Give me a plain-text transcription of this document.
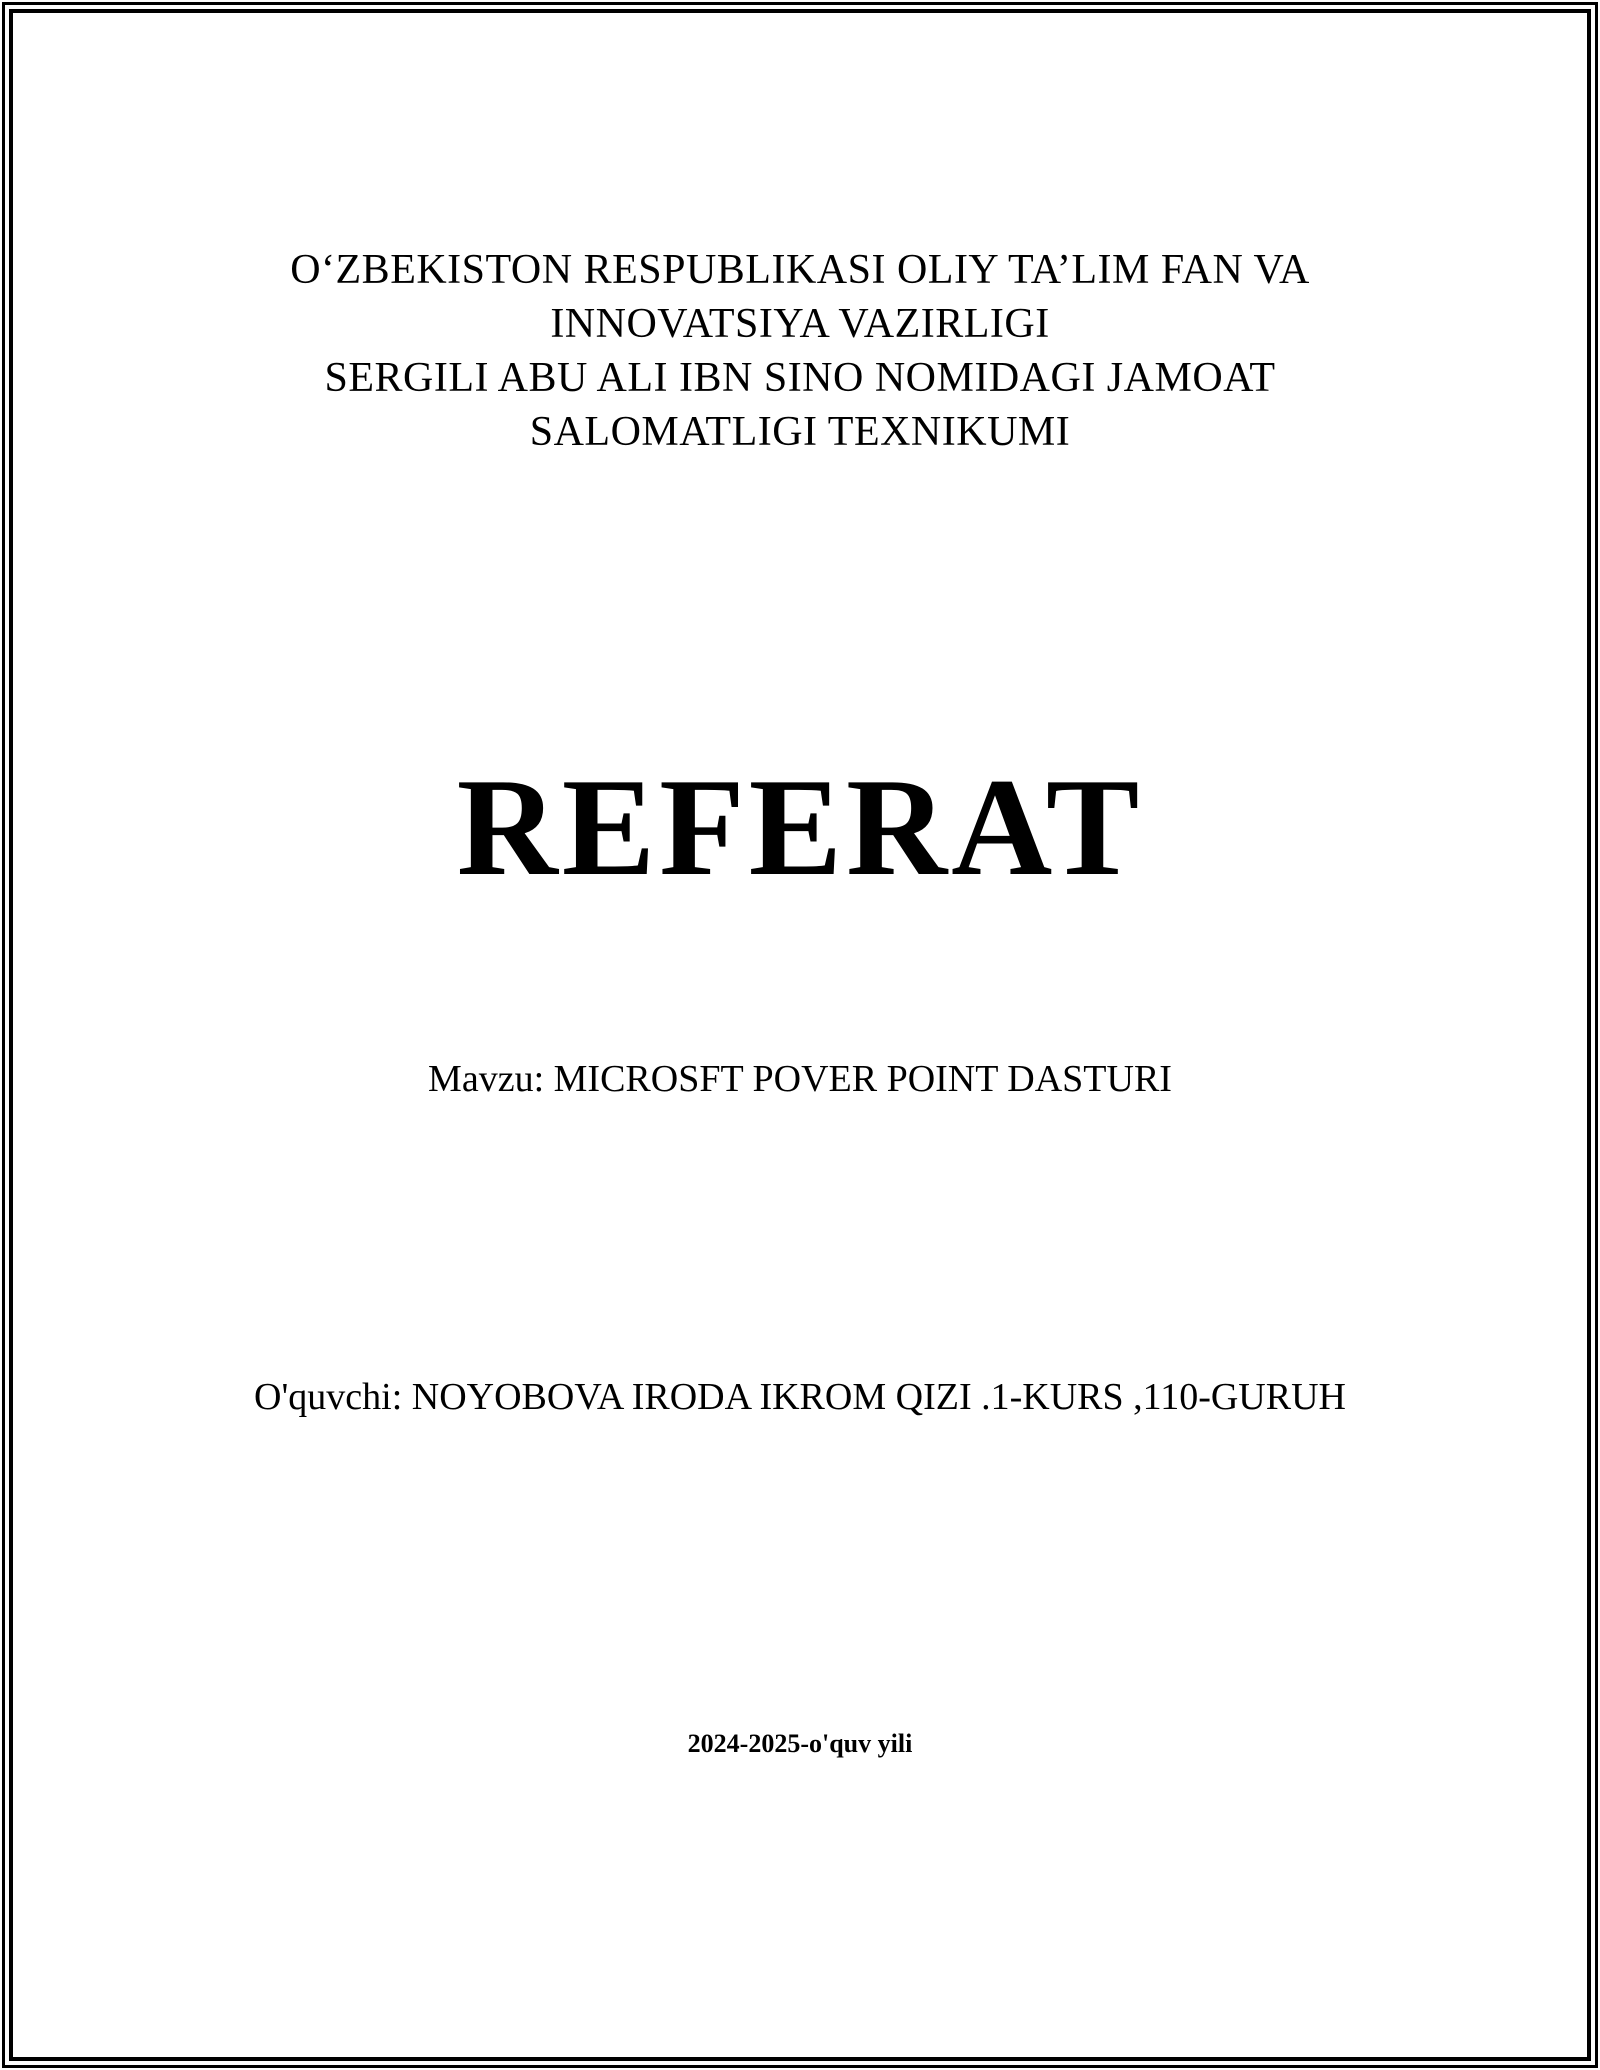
O‘ZBEKISTON RESPUBLIKASI OLIY TA’LIM FAN VA
INNOVATSIYA VAZIRLIGI
SERGILI ABU ALI IBN SINO NOMIDAGI JAMOAT
SALOMATLIGI TEXNIKUMI
REFERAT
Mavzu: MICROSFT POVER POINT DASTURI
O'quvchi: NOYOBOVA IRODA IKROM QIZI .1-KURS ,110-GURUH
2024-2025-o'quv yili
